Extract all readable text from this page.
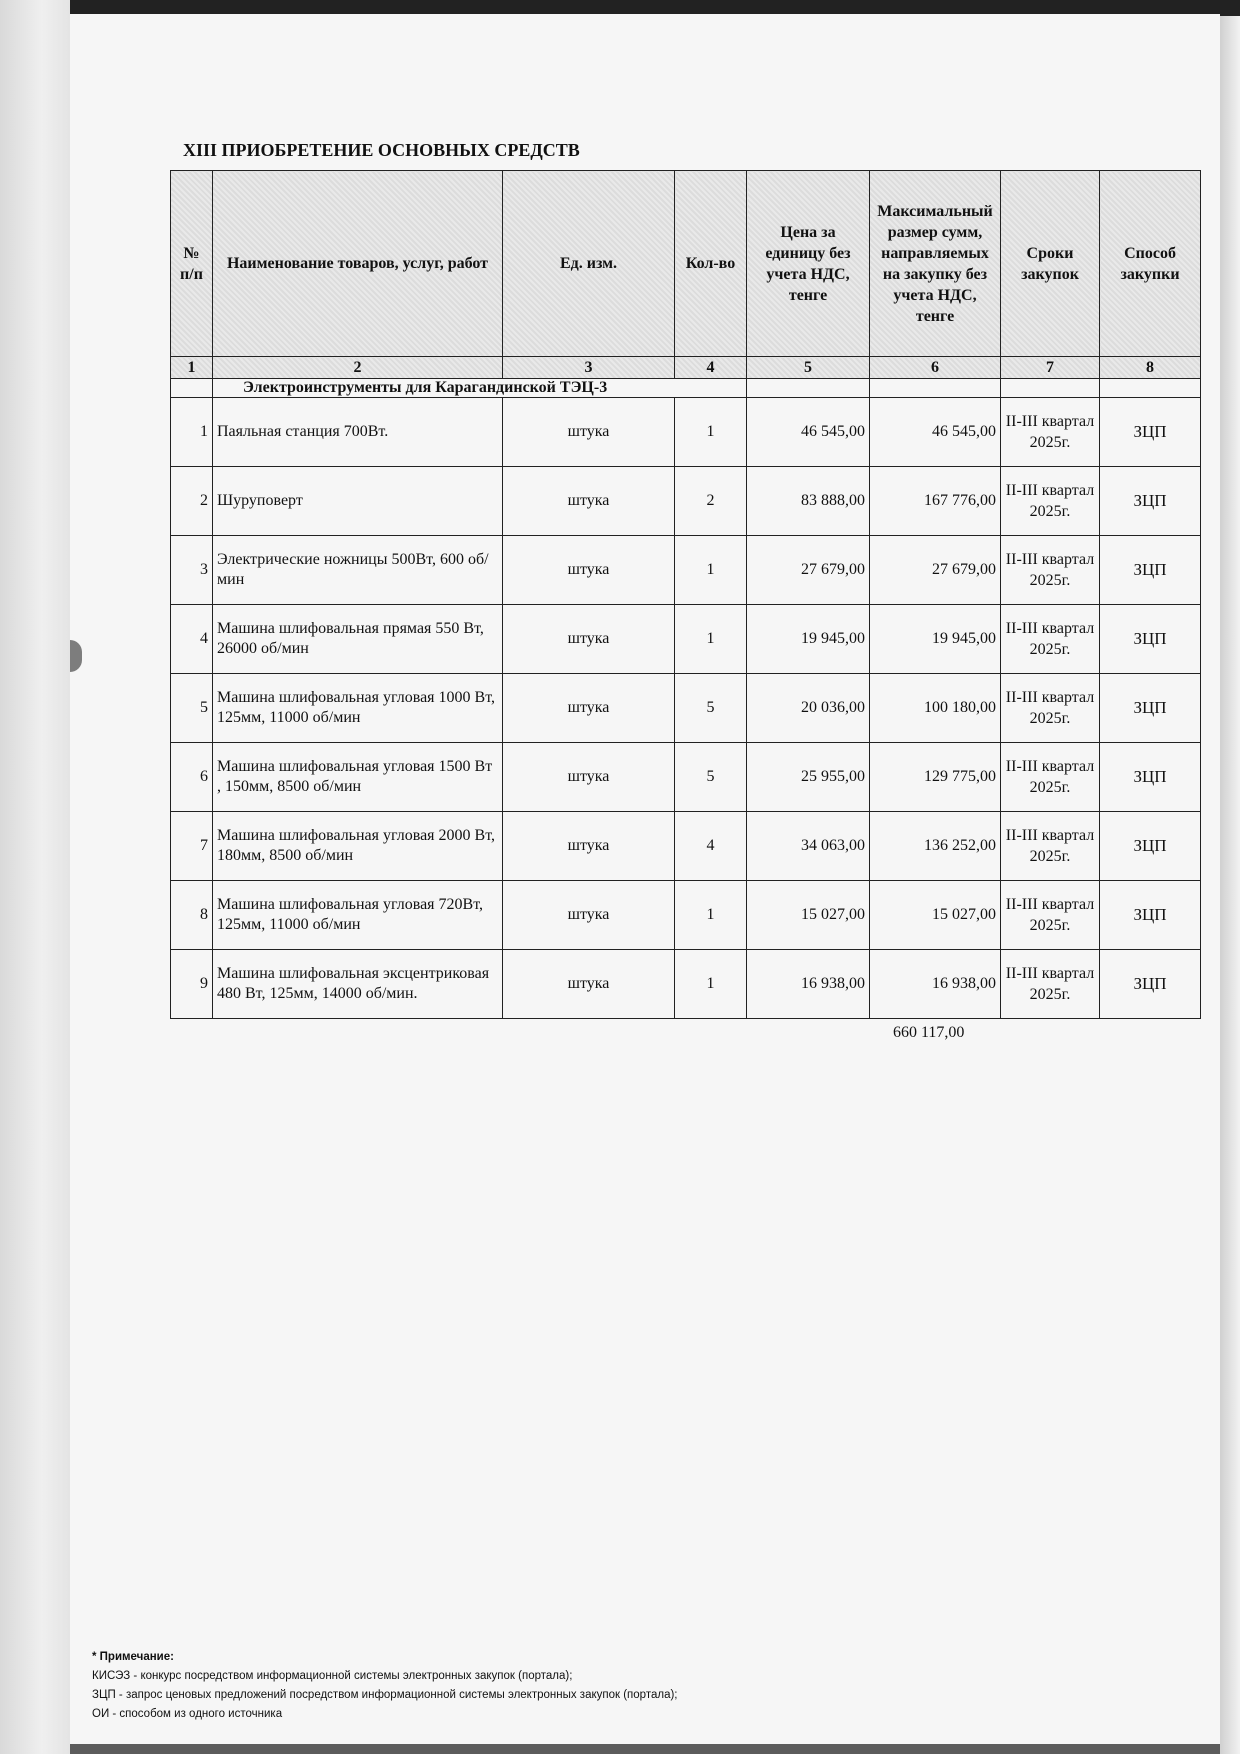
XIII ПРИОБРЕТЕНИЕ ОСНОВНЫХ СРЕДСТВ
№ п/п	Наименование товаров, услуг, работ	Ед. изм.	Кол-во	Цена за единицу без учета НДС, тенге	Максимальный размер сумм, направляемых на закупку без учета НДС, тенге	Сроки закупок	Способ закупки
1	2	3	4	5	6	7	8
	Электроинструменты для Карагандинской ТЭЦ-3						
1	Паяльная станция 700Вт.	штука	1	46 545,00	46 545,00	II-III квартал 2025г.	ЗЦП
2	Шуруповерт	штука	2	83 888,00	167 776,00	II-III квартал 2025г.	ЗЦП
3	Электрические ножницы 500Вт, 600 об/мин	штука	1	27 679,00	27 679,00	II-III квартал 2025г.	ЗЦП
4	Машина шлифовальная прямая 550 Вт, 26000 об/мин	штука	1	19 945,00	19 945,00	II-III квартал 2025г.	ЗЦП
5	Машина шлифовальная угловая 1000 Вт, 125мм, 11000 об/мин	штука	5	20 036,00	100 180,00	II-III квартал 2025г.	ЗЦП
6	Машина шлифовальная угловая 1500 Вт , 150мм, 8500 об/мин	штука	5	25 955,00	129 775,00	II-III квартал 2025г.	ЗЦП
7	Машина шлифовальная угловая 2000 Вт, 180мм, 8500 об/мин	штука	4	34 063,00	136 252,00	II-III квартал 2025г.	ЗЦП
8	Машина шлифовальная угловая 720Вт, 125мм, 11000 об/мин	штука	1	15 027,00	15 027,00	II-III квартал 2025г.	ЗЦП
9	Машина шлифовальная эксцентриковая 480 Вт, 125мм, 14000 об/мин.	штука	1	16 938,00	16 938,00	II-III квартал 2025г.	ЗЦП
660 117,00
* Примечание:
КИСЭЗ - конкурс посредством информационной системы электронных закупок (портала);
ЗЦП - запрос ценовых предложений посредством информационной системы электронных закупок (портала);
ОИ - способом из одного источника
